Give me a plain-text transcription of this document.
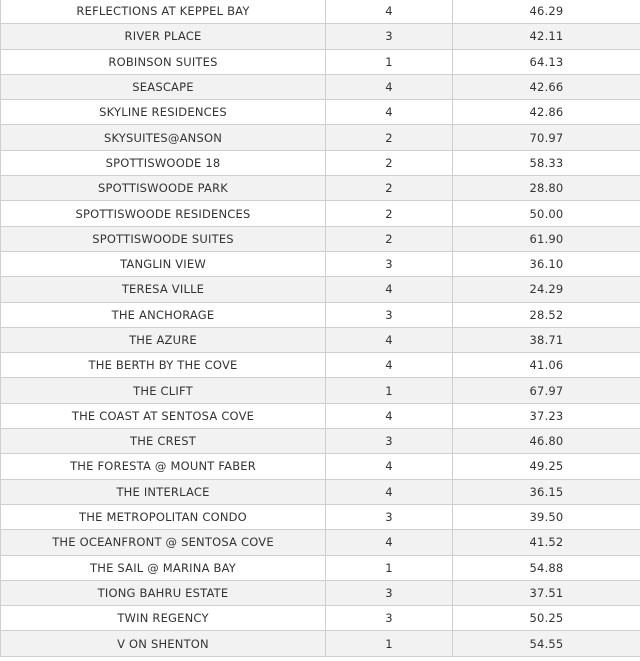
REFLECTIONS AT KEPPEL BAY	4	46.29
RIVER PLACE	3	42.11
ROBINSON SUITES	1	64.13
SEASCAPE	4	42.66
SKYLINE RESIDENCES	4	42.86
SKYSUITES@ANSON	2	70.97
SPOTTISWOODE 18	2	58.33
SPOTTISWOODE PARK	2	28.80
SPOTTISWOODE RESIDENCES	2	50.00
SPOTTISWOODE SUITES	2	61.90
TANGLIN VIEW	3	36.10
TERESA VILLE	4	24.29
THE ANCHORAGE	3	28.52
THE AZURE	4	38.71
THE BERTH BY THE COVE	4	41.06
THE CLIFT	1	67.97
THE COAST AT SENTOSA COVE	4	37.23
THE CREST	3	46.80
THE FORESTA @ MOUNT FABER	4	49.25
THE INTERLACE	4	36.15
THE METROPOLITAN CONDO	3	39.50
THE OCEANFRONT @ SENTOSA COVE	4	41.52
THE SAIL @ MARINA BAY	1	54.88
TIONG BAHRU ESTATE	3	37.51
TWIN REGENCY	3	50.25
V ON SHENTON	1	54.55
